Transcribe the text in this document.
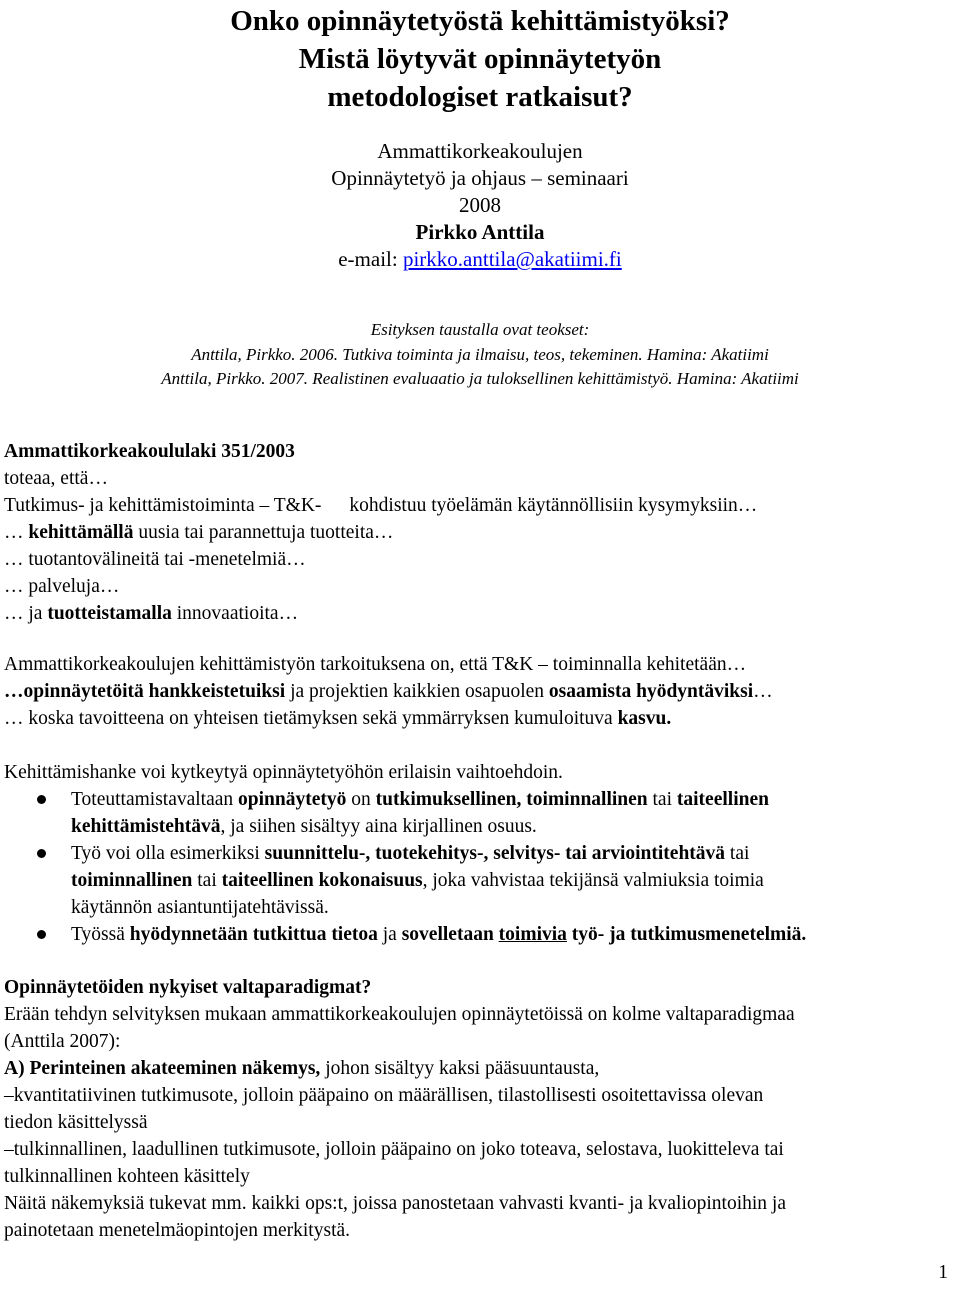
Onko opinnäytetyöstä kehittämistyöksi?
Mistä löytyvät opinnäytetyön
metodologiset ratkaisut?
Ammattikorkeakoulujen
Opinnäytetyö ja ohjaus – seminaari
2008
Pirkko Anttila
e-mail: pirkko.anttila@akatiimi.fi
Esityksen taustalla ovat teokset:
Anttila, Pirkko. 2006. Tutkiva toiminta ja ilmaisu, teos, tekeminen. Hamina: Akatiimi
Anttila, Pirkko. 2007. Realistinen evaluaatio ja tuloksellinen kehittämistyö. Hamina: Akatiimi
Ammattikorkeakoululaki 351/2003
toteaa, että…
Tutkimus- ja kehittämistoiminta – T&K- kohdistuu työelämän käytännöllisiin kysymyksiin…
… kehittämällä uusia tai parannettuja tuotteita…
… tuotantovälineitä tai -menetelmiä…
… palveluja…
… ja tuotteistamalla innovaatioita…
Ammattikorkeakoulujen kehittämistyön tarkoituksena on, että T&K – toiminnalla kehitetään…
…opinnäytetöitä hankkeistetuiksi ja projektien kaikkien osapuolen osaamista hyödyntäviksi…
… koska tavoitteena on yhteisen tietämyksen sekä ymmärryksen kumuloituva kasvu.
Kehittämishanke voi kytkeytyä opinnäytetyöhön erilaisin vaihtoehdoin.
Toteuttamistavaltaan opinnäytetyö on tutkimuksellinen, toiminnallinen tai taiteellinen
kehittämistehtävä, ja siihen sisältyy aina kirjallinen osuus.
Työ voi olla esimerkiksi suunnittelu-, tuotekehitys-, selvitys- tai arviointitehtävä tai
toiminnallinen tai taiteellinen kokonaisuus, joka vahvistaa tekijänsä valmiuksia toimia
käytännön asiantuntijatehtävissä.
Työssä hyödynnetään tutkittua tietoa ja sovelletaan toimivia työ- ja tutkimusmenetelmiä.
Opinnäytetöiden nykyiset valtaparadigmat?
Erään tehdyn selvityksen mukaan ammattikorkeakoulujen opinnäytetöissä on kolme valtaparadigmaa
(Anttila 2007):
A) Perinteinen akateeminen näkemys, johon sisältyy kaksi pääsuuntausta,
–kvantitatiivinen tutkimusote, jolloin pääpaino on määrällisen, tilastollisesti osoitettavissa olevan
tiedon käsittelyssä
–tulkinnallinen, laadullinen tutkimusote, jolloin pääpaino on joko toteava, selostava, luokitteleva tai
tulkinnallinen kohteen käsittely
Näitä näkemyksiä tukevat mm. kaikki ops:t, joissa panostetaan vahvasti kvanti- ja kvaliopintoihin ja
painotetaan menetelmäopintojen merkitystä.
1
